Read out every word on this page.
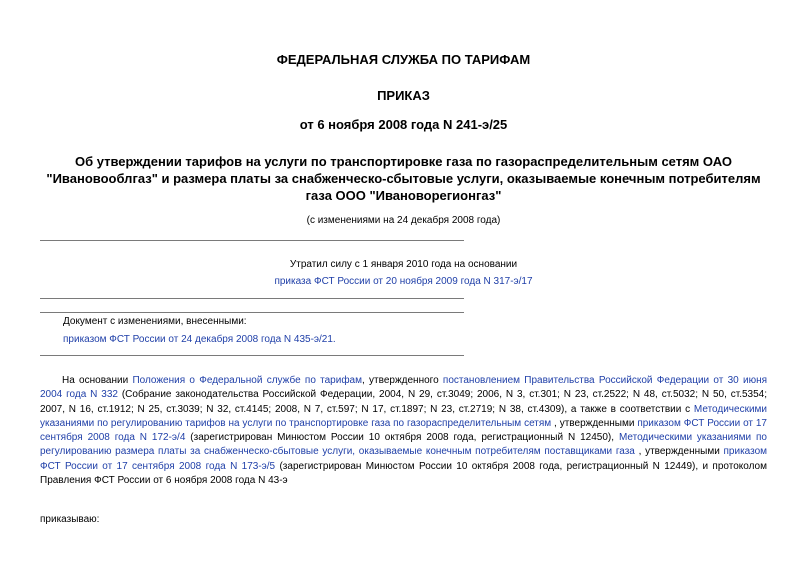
ФЕДЕРАЛЬНАЯ СЛУЖБА ПО ТАРИФАМ
ПРИКАЗ
от 6 ноября 2008 года N 241-э/25
Об утверждении тарифов на услуги по транспортировке газа по газораспределительным сетям ОАО "Ивановооблгаз" и размера платы за снабженческо-сбытовые услуги, оказываемые конечным потребителям газа ООО "Ивановорегионгаз"
(с изменениями на 24 декабря 2008 года)
Утратил силу с 1 января 2010 года на основании
приказа ФСТ России от 20 ноября 2009 года N 317-э/17
Документ с изменениями, внесенными:
приказом ФСТ России от 24 декабря 2008 года N 435-э/21.
На основании Положения о Федеральной службе по тарифам, утвержденного постановлением Правительства Российской Федерации от 30 июня 2004 года N 332 (Собрание законодательства Российской Федерации, 2004, N 29, ст.3049; 2006, N 3, ст.301; N 23, ст.2522; N 48, ст.5032; N 50, ст.5354; 2007, N 16, ст.1912; N 25, ст.3039; N 32, ст.4145; 2008, N 7, ст.597; N 17, ст.1897; N 23, ст.2719; N 38, ст.4309), а также в соответствии с Методическими указаниями по регулированию тарифов на услуги по транспортировке газа по газораспределительным сетям , утвержденными приказом ФСТ России от 17 сентября 2008 года N 172-э/4 (зарегистрирован Минюстом России 10 октября 2008 года, регистрационный N 12450), Методическими указаниями по регулированию размера платы за снабженческо-сбытовые услуги, оказываемые конечным потребителям поставщиками газа , утвержденными приказом ФСТ России от 17 сентября 2008 года N 173-э/5 (зарегистрирован Минюстом России 10 октября 2008 года, регистрационный N 12449), и протоколом Правления ФСТ России от 6 ноября 2008 года N 43-э
приказываю:
